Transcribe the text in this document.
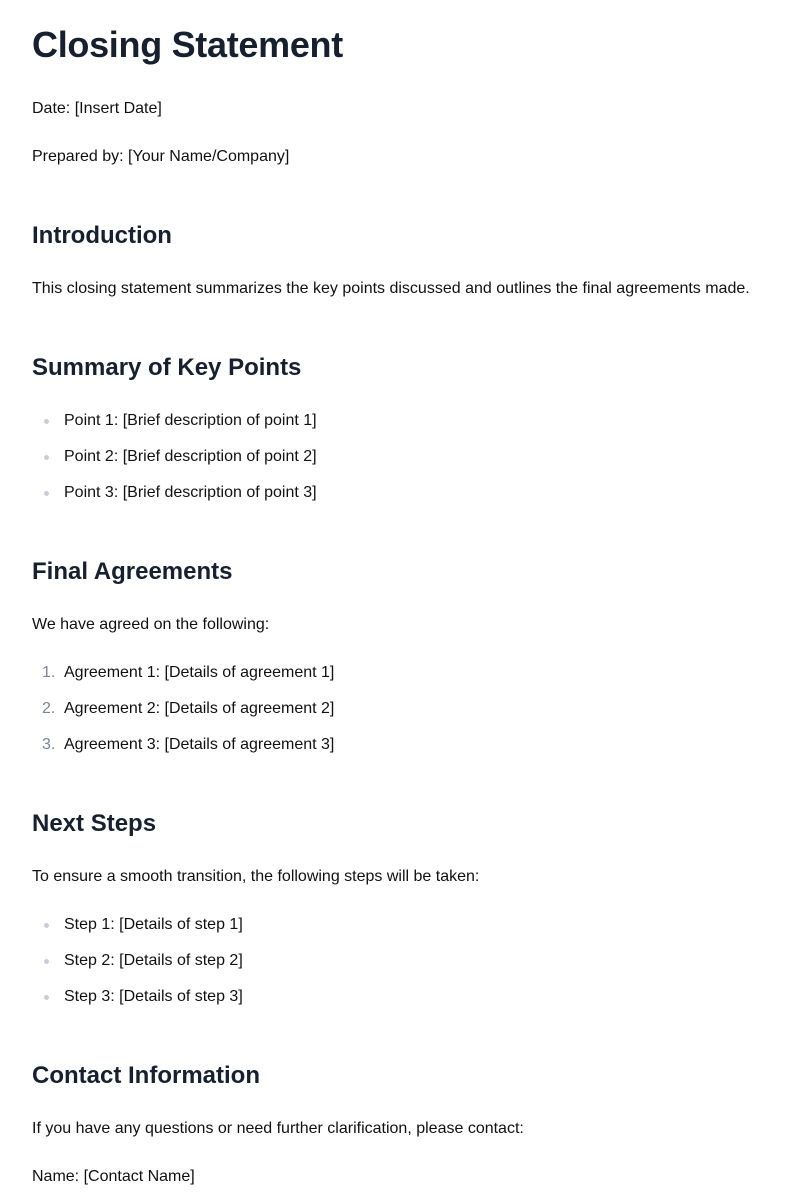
Closing Statement

Date: [Insert Date]

Prepared by: [Your Name/Company]

Introduction

This closing statement summarizes the key points discussed and outlines the final agreements made.

Summary of Key Points

Point 1: [Brief description of point 1]

Point 2: [Brief description of point 2]

Point 3: [Brief description of point 3]

Final Agreements

We have agreed on the following:

1. Agreement 1: [Details of agreement 1]

2. Agreement 2: [Details of agreement 2]

3. Agreement 3: [Details of agreement 3]

Next Steps

To ensure a smooth transition, the following steps will be taken:

Step 1: [Details of step 1]

Step 2: [Details of step 2]

Step 3: [Details of step 3]

Contact Information

If you have any questions or need further clarification, please contact:

Name: [Contact Name]
